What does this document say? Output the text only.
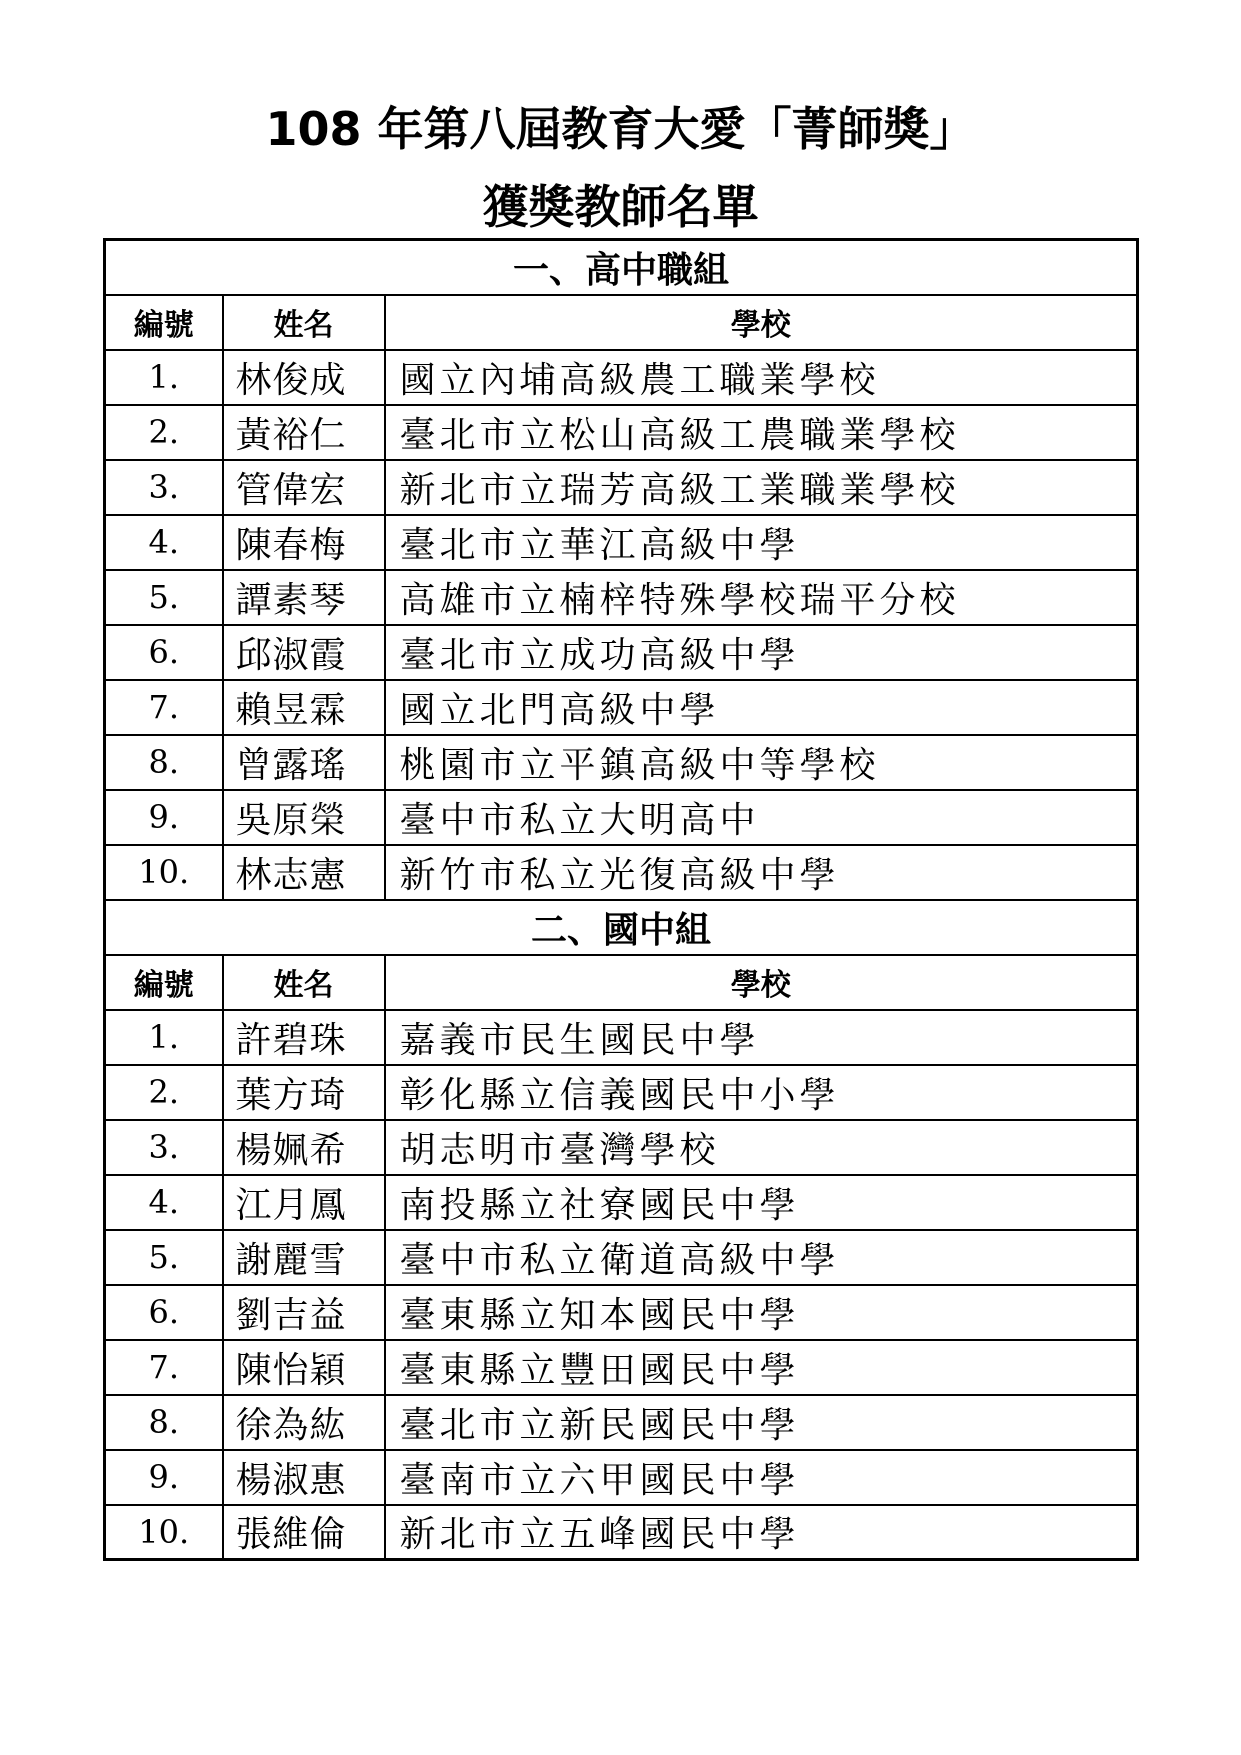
108 年第八屆教育大愛「菁師獎」
獲獎教師名單
一、高中職組		
編號	姓名	學校
1.	林俊成	國立內埔高級農工職業學校
2.	黃裕仁	臺北市立松山高級工農職業學校
3.	管偉宏	新北市立瑞芳高級工業職業學校
4.	陳春梅	臺北市立華江高級中學
5.	譚素琴	高雄市立楠梓特殊學校瑞平分校
6.	邱淑霞	臺北市立成功高級中學
7.	賴昱霖	國立北門高級中學
8.	曾露瑤	桃園市立平鎮高級中等學校
9.	吳原榮	臺中市私立大明高中
10.	林志憲	新竹市私立光復高級中學
二、國中組		
編號	姓名	學校
1.	許碧珠	嘉義市民生國民中學
2.	葉方琦	彰化縣立信義國民中小學
3.	楊姵希	胡志明市臺灣學校
4.	江月鳳	南投縣立社寮國民中學
5.	謝麗雪	臺中市私立衛道高級中學
6.	劉吉益	臺東縣立知本國民中學
7.	陳怡穎	臺東縣立豐田國民中學
8.	徐為紘	臺北市立新民國民中學
9.	楊淑惠	臺南市立六甲國民中學
10.	張維倫	新北市立五峰國民中學
